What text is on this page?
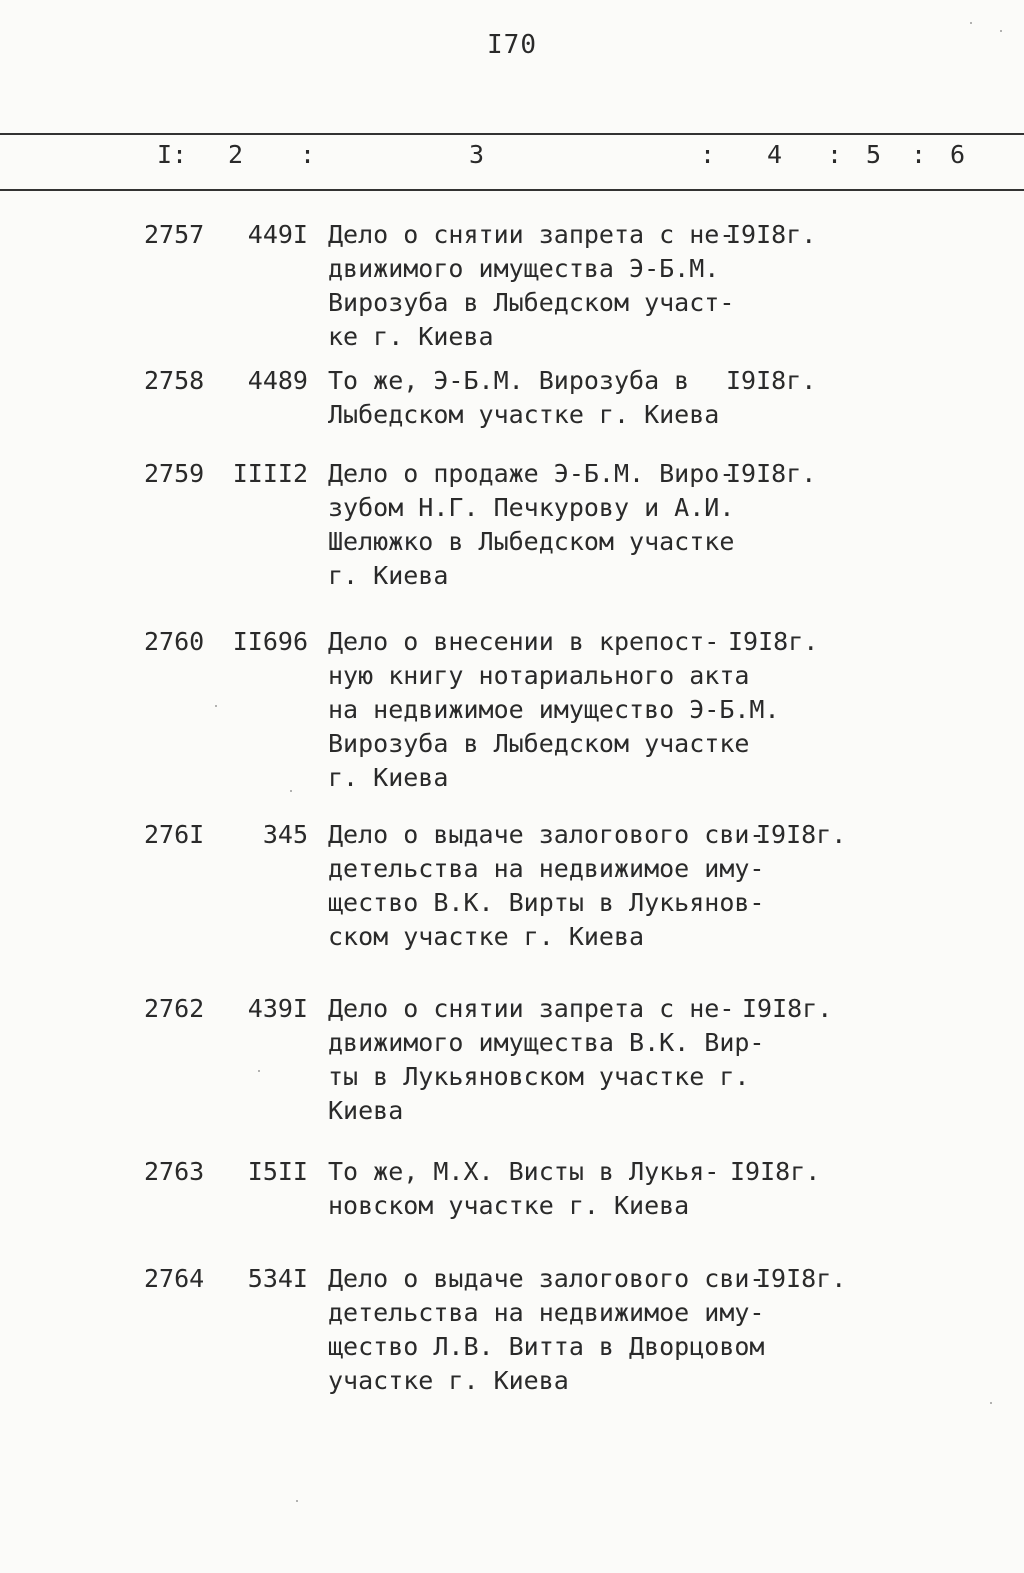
I70
I: 2 :	3	: 4 : 5 : 6
2757	449I Дело о снятии запрета с не-
движимого имущества Э-Б.М.
Вирозуба в Лыбедском участ-
ке г. Киева
I9I8г.
2758	4489 То же, Э-Б.М. Вирозуба в
Лыбедском участке г. Киева
I9I8г.
2759	IIII2 Дело о продаже Э-Б.М. Виро-
зубом Н.Г. Печкурову и А.И.
Шелюжко в Лыбедском участке
г. Киева
I9I8г.
2760	II696 Дело о внесении в крепост-
ную книгу нотариального акта
на недвижимое имущество Э-Б.М.
Вирозуба в Лыбедском участке
г. Киева
I9I8г.
276I	345 Дело о выдаче залогового сви-
детельства на недвижимое иму-
щество В.К. Вирты в Лукьянов-
ском участке г. Киева
I9I8г.
2762	439I Дело о снятии запрета с не-
движимого имущества В.К. Вир-
ты в Лукьяновском участке г.
Киева
I9I8г.
2763	I5II То же, М.Х. Висты в Лукья-
новском участке г. Киева
I9I8г.
2764	534I Дело о выдаче залогового сви-
детельства на недвижимое иму-
щество Л.В. Витта в Дворцовом
участке г. Киева
I9I8г.
